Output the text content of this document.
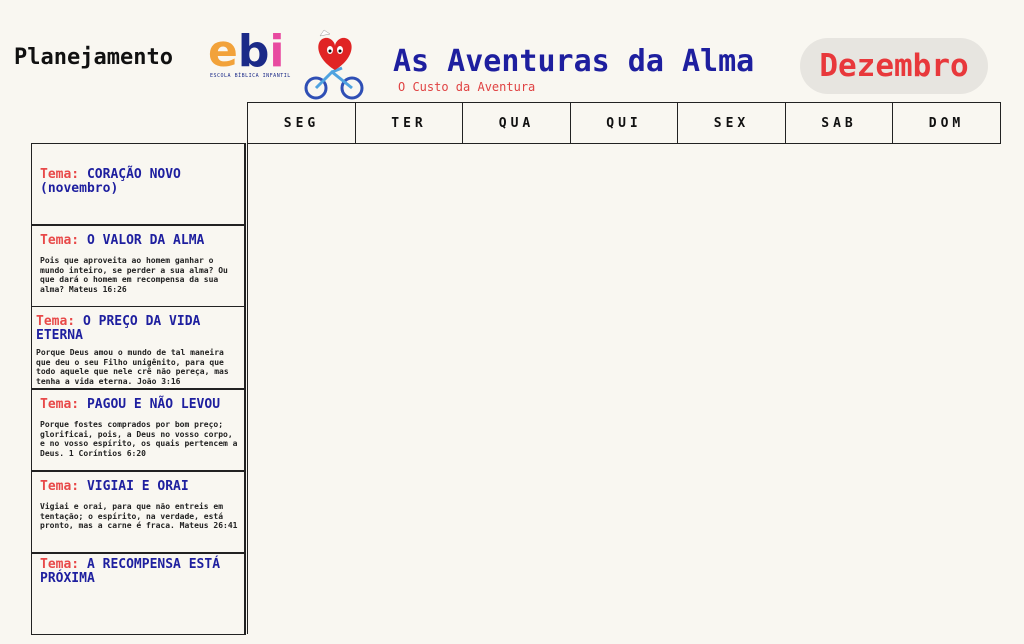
Planejamento ebi
ESCOLA BÍBLICA INFANTIL	As Aventuras da Alma
O Custo da Aventura
Dezembro
SEG	TER	QUA	QUI	SEX	SAB	DOM
Tema: CORAÇÃO NOVO (novembro)
Tema: O VALOR DA ALMA
Pois que aproveita ao homem ganhar o mundo inteiro, se perder a sua alma? Ou que dará o homem em recompensa da sua alma? Mateus 16:26
Tema: O PREÇO DA VIDA ETERNA
Porque Deus amou o mundo de tal maneira que deu o seu Filho unigênito, para que todo aquele que nele crê não pereça, mas tenha a vida eterna. João 3:16
Tema: PAGOU E NÃO LEVOU
Porque fostes comprados por bom preço; glorificai, pois, a Deus no vosso corpo, e no vosso espírito, os quais pertencem a Deus. 1 Coríntios 6:20
Tema: VIGIAI E ORAI
Vigiai e orai, para que não entreis em tentação; o espírito, na verdade, está pronto, mas a carne é fraca. Mateus 26:41
Tema: A RECOMPENSA ESTÁ PRÓXIMA
